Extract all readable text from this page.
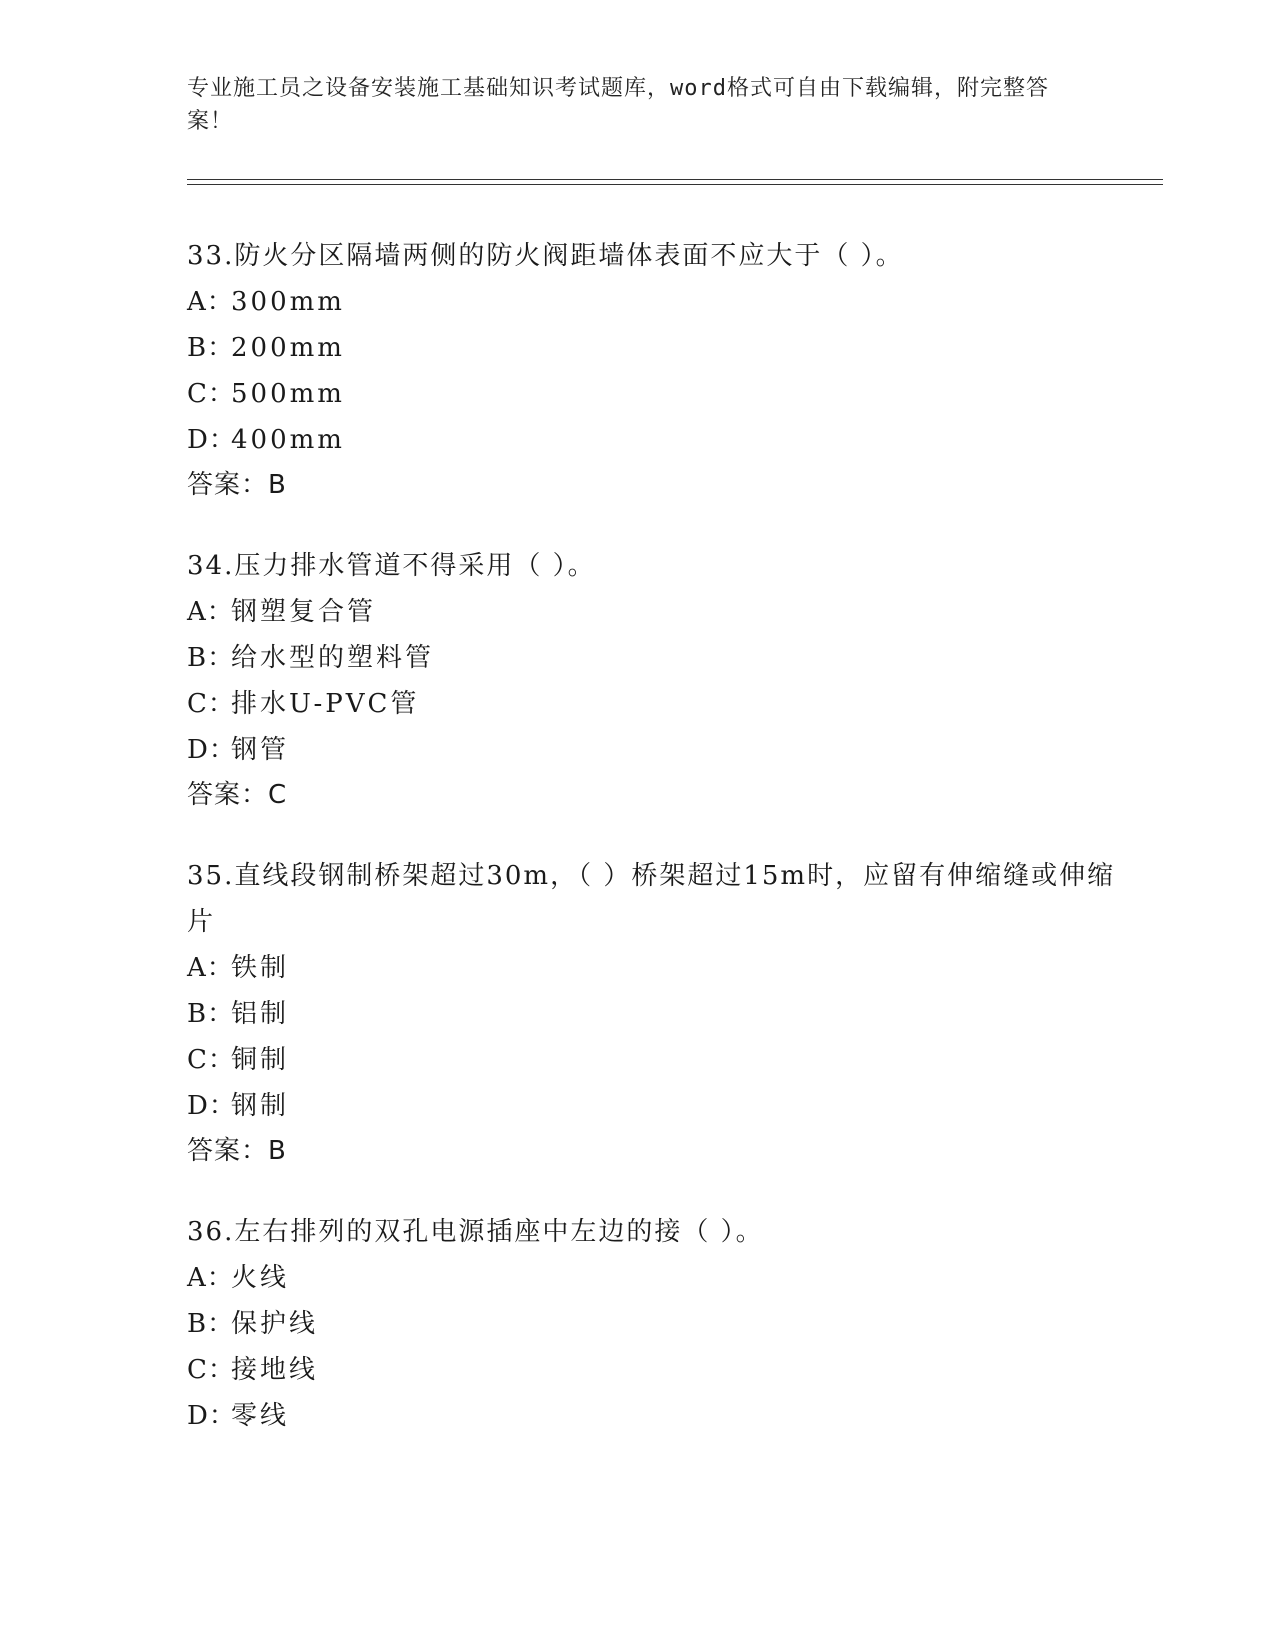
专业施工员之设备安装施工基础知识考试题库，word格式可自由下载编辑，附完整答案！

33.防火分区隔墙两侧的防火阀距墙体表面不应大于（ ）。

A：300mm

B：200mm

C：500mm

D：400mm

答案：B

34.压力排水管道不得采用（ ）。

A：钢塑复合管

B：给水型的塑料管

C：排水U-PVC管

D：钢管

答案：C

35.直线段钢制桥架超过30m，（ ）桥架超过15m时，应留有伸缩缝或伸缩片

A：铁制

B：铝制

C：铜制

D：钢制

答案：B

36.左右排列的双孔电源插座中左边的接（ ）。

A：火线

B：保护线

C：接地线

D：零线
